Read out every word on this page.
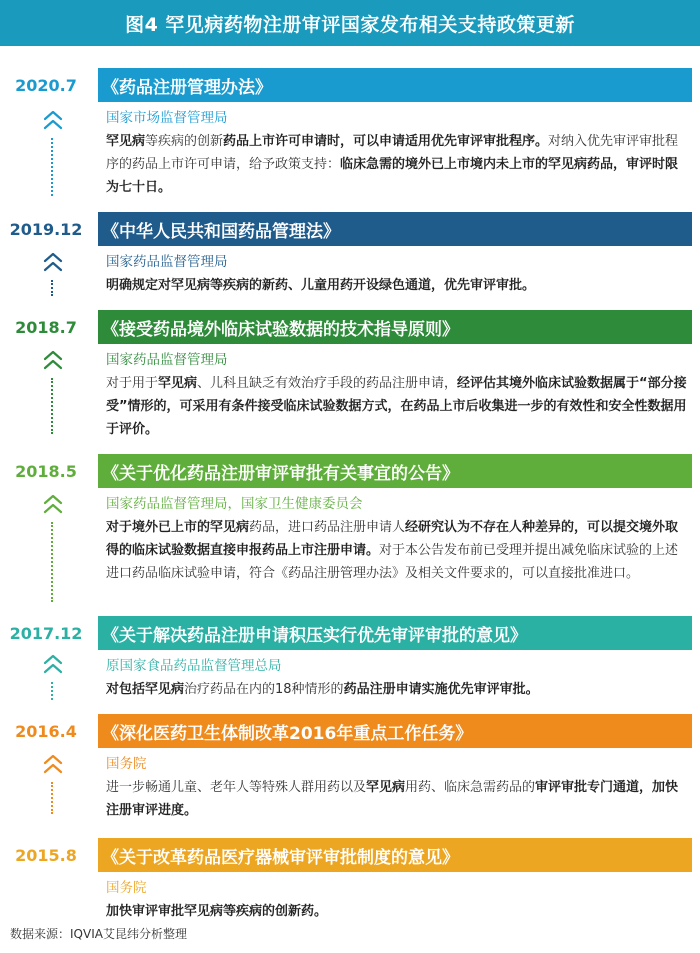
图4 罕见病药物注册审评国家发布相关支持政策更新
2020.7	《药品注册管理办法》
国家市场监督管理局
罕见病等疾病的创新药品上市许可申请时，可以申请适用优先审评审批程序。对纳入优先审评审批程序的药品上市许可申请，给予政策支持：临床急需的境外已上市境内未上市的罕见病药品，审评时限为七十日。
2019.12	《中华人民共和国药品管理法》
国家药品监督管理局
明确规定对罕见病等疾病的新药、儿童用药开设绿色通道，优先审评审批。
2018.7	《接受药品境外临床试验数据的技术指导原则》
国家药品监督管理局
对于用于罕见病、儿科且缺乏有效治疗手段的药品注册申请，经评估其境外临床试验数据属于“部分接受”情形的，可采用有条件接受临床试验数据方式，在药品上市后收集进一步的有效性和安全性数据用于评价。
2018.5	《关于优化药品注册审评审批有关事宜的公告》
国家药品监督管理局，国家卫生健康委员会
对于境外已上市的罕见病药品，进口药品注册申请人经研究认为不存在人种差异的，可以提交境外取得的临床试验数据直接申报药品上市注册申请。对于本公告发布前已受理并提出减免临床试验的上述进口药品临床试验申请，符合《药品注册管理办法》及相关文件要求的，可以直接批准进口。
2017.12	《关于解决药品注册申请积压实行优先审评审批的意见》
原国家食品药品监督管理总局
对包括罕见病治疗药品在内的18种情形的药品注册申请实施优先审评审批。
2016.4	《深化医药卫生体制改革2016年重点工作任务》
国务院
进一步畅通儿童、老年人等特殊人群用药以及罕见病用药、临床急需药品的审评审批专门通道，加快注册审评进度。
2015.8	《关于改革药品医疗器械审评审批制度的意见》
国务院
加快审评审批罕见病等疾病的创新药。
数据来源：IQVIA艾昆纬分析整理
